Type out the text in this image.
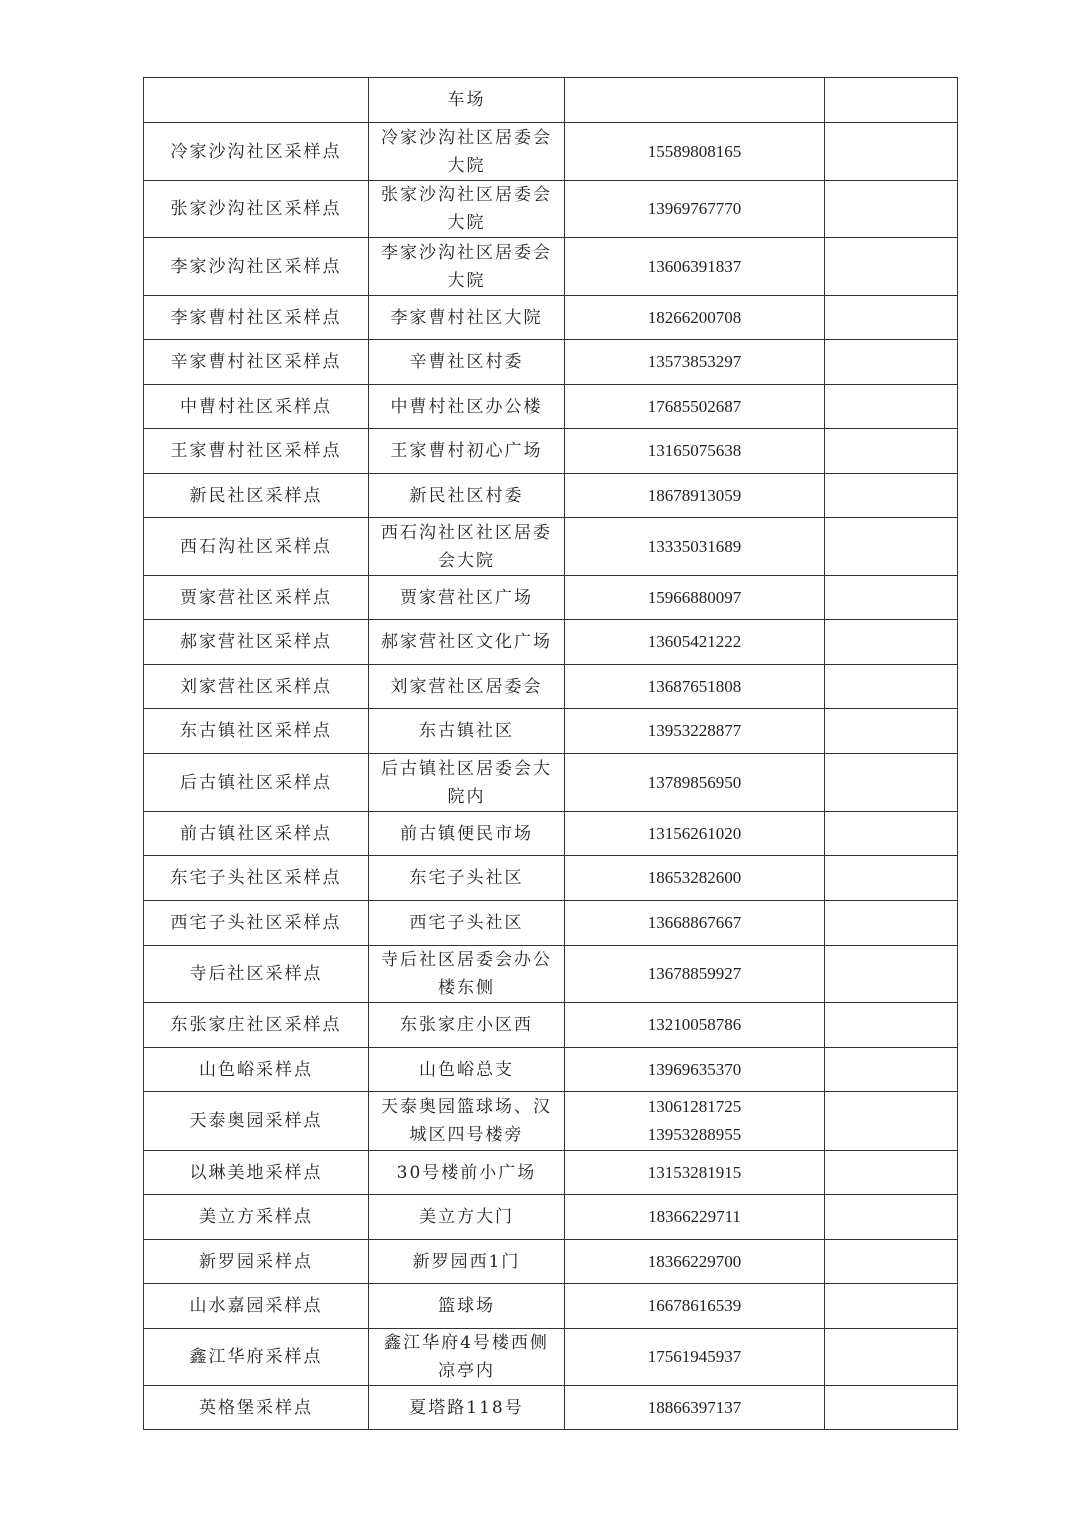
	车场	

冷家沙沟社区采样点	冷家沙沟社区居委会大院	15589808165	

张家沙沟社区采样点	张家沙沟社区居委会大院	13969767770	

李家沙沟社区采样点	李家沙沟社区居委会大院	13606391837	

李家曹村社区采样点	李家曹村社区大院	18266200708	

辛家曹村社区采样点	辛曹社区村委	13573853297	

中曹村社区采样点	中曹村社区办公楼	17685502687	

王家曹村社区采样点	王家曹村初心广场	13165075638	

新民社区采样点	新民社区村委	18678913059	

西石沟社区采样点	西石沟社区社区居委会大院	13335031689	

贾家营社区采样点	贾家营社区广场	15966880097	

郝家营社区采样点	郝家营社区文化广场	13605421222	

刘家营社区采样点	刘家营社区居委会	13687651808	

东古镇社区采样点	东古镇社区	13953228877	

后古镇社区采样点	后古镇社区居委会大院内	13789856950	

前古镇社区采样点	前古镇便民市场	13156261020	

东宅子头社区采样点	东宅子头社区	18653282600	

西宅子头社区采样点	西宅子头社区	13668867667	

寺后社区采样点	寺后社区居委会办公楼东侧	13678859927	

东张家庄社区采样点	东张家庄小区西	13210058786	

山色峪采样点	山色峪总支	13969635370	

天泰奥园采样点	天泰奥园篮球场、汉城区四号楼旁	13061281725
13953288955	

以琳美地采样点	30号楼前小广场	13153281915	

美立方采样点	美立方大门	18366229711	

新罗园采样点	新罗园西1门	18366229700	

山水嘉园采样点	篮球场	16678616539	

鑫江华府采样点	鑫江华府4号楼西侧凉亭内	17561945937	

英格堡采样点	夏塔路118号	18866397137	
